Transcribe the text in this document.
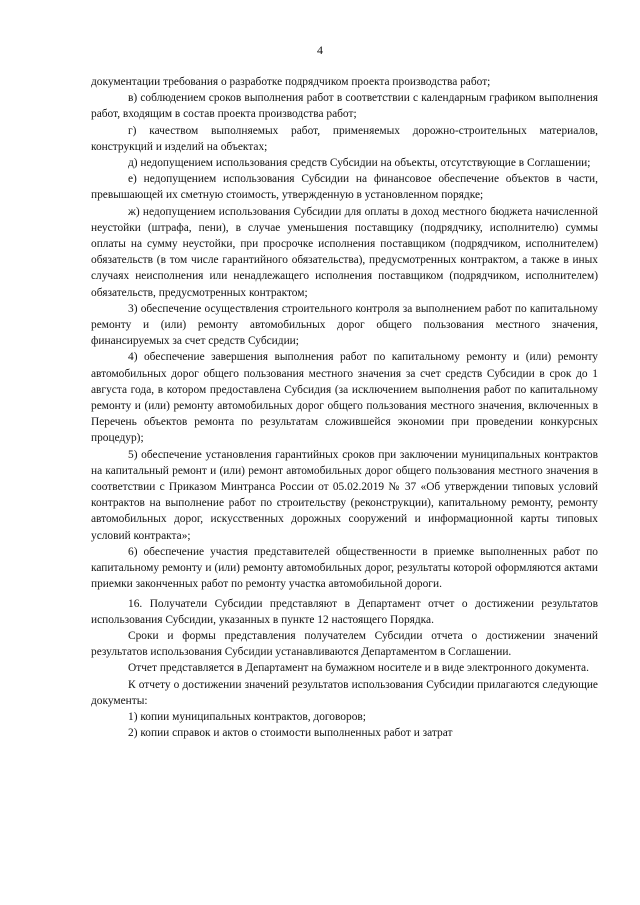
4

документации требования о разработке подрядчиком проекта производства работ;

в) соблюдением сроков выполнения работ в соответствии с календарным графиком выполнения работ, входящим в состав проекта производства работ;

г) качеством выполняемых работ, применяемых дорожно-строительных материалов, конструкций и изделий на объектах;

д) недопущением использования средств Субсидии на объекты, отсутствующие в Соглашении;

е) недопущением использования Субсидии на финансовое обеспечение объектов в части, превышающей их сметную стоимость, утвержденную в установленном порядке;

ж) недопущением использования Субсидии для оплаты в доход местного бюджета начисленной неустойки (штрафа, пени), в случае уменьшения поставщику (подрядчику, исполнителю) суммы оплаты на сумму неустойки, при просрочке исполнения поставщиком (подрядчиком, исполнителем) обязательств (в том числе гарантийного обязательства), предусмотренных контрактом, а также в иных случаях неисполнения или ненадлежащего исполнения поставщиком (подрядчиком, исполнителем) обязательств, предусмотренных контрактом;

3) обеспечение осуществления строительного контроля за выполнением работ по капитальному ремонту и (или) ремонту автомобильных дорог общего пользования местного значения, финансируемых за счет средств Субсидии;

4) обеспечение завершения выполнения работ по капитальному ремонту и (или) ремонту автомобильных дорог общего пользования местного значения за счет средств Субсидии в срок до 1 августа года, в котором предоставлена Субсидия (за исключением выполнения работ по капитальному ремонту и (или) ремонту автомобильных дорог общего пользования местного значения, включенных в Перечень объектов ремонта по результатам сложившейся экономии при проведении конкурсных процедур);

5) обеспечение установления гарантийных сроков при заключении муниципальных контрактов на капитальный ремонт и (или) ремонт автомобильных дорог общего пользования местного значения в соответствии с Приказом Минтранса России от 05.02.2019 № 37 «Об утверждении типовых условий контрактов на выполнение работ по строительству (реконструкции), капитальному ремонту, ремонту автомобильных дорог, искусственных дорожных сооружений и информационной карты типовых условий контракта»;

6) обеспечение участия представителей общественности в приемке выполненных работ по капитальному ремонту и (или) ремонту автомобильных дорог, результаты которой оформляются актами приемки законченных работ по ремонту участка автомобильной дороги.

16. Получатели Субсидии представляют в Департамент отчет о достижении результатов использования Субсидии, указанных в пункте 12 настоящего Порядка.

Сроки и формы представления получателем Субсидии отчета о достижении значений результатов использования Субсидии устанавливаются Департаментом в Соглашении.

Отчет представляется в Департамент на бумажном носителе и в виде электронного документа.

К отчету о достижении значений результатов использования Субсидии прилагаются следующие документы:

1) копии муниципальных контрактов, договоров;

2) копии справок и актов о стоимости выполненных работ и затрат
